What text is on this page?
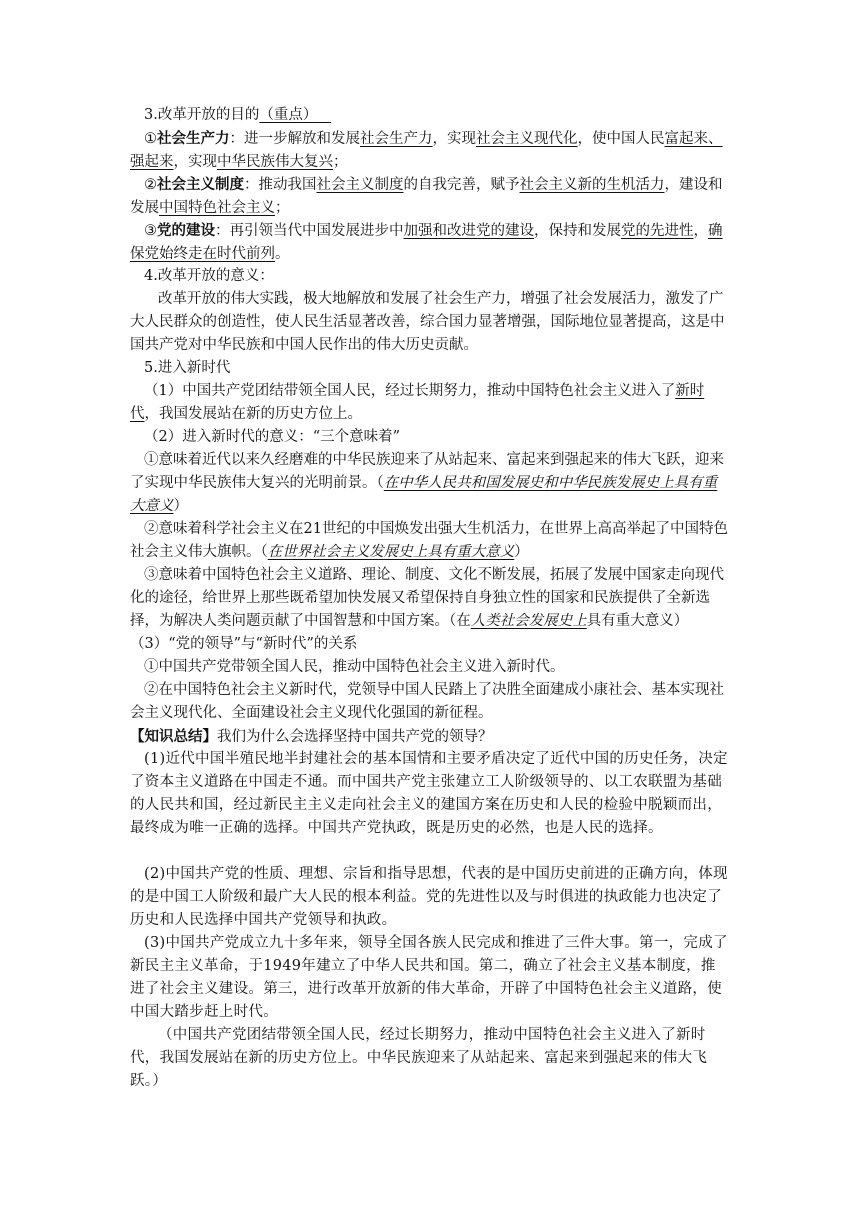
3.改革开放的目的（重点）

①社会生产力：进一步解放和发展社会生产力，实现社会主义现代化，使中国人民富起来、强起来，实现中华民族伟大复兴；

②社会主义制度：推动我国社会主义制度的自我完善，赋予社会主义新的生机活力，建设和发展中国特色社会主义；

③党的建设：再引领当代中国发展进步中加强和改进党的建设，保持和发展党的先进性，确保党始终走在时代前列。

4.改革开放的意义：

改革开放的伟大实践，极大地解放和发展了社会生产力，增强了社会发展活力，激发了广大人民群众的创造性，使人民生活显著改善，综合国力显著增强，国际地位显著提高，这是中国共产党对中华民族和中国人民作出的伟大历史贡献。

5.进入新时代

（1）中国共产党团结带领全国人民，经过长期努力，推动中国特色社会主义进入了新时代，我国发展站在新的历史方位上。

（2）进入新时代的意义：“三个意味着”

①意味着近代以来久经磨难的中华民族迎来了从站起来、富起来到强起来的伟大飞跃，迎来了实现中华民族伟大复兴的光明前景。（在中华人民共和国发展史和中华民族发展史上具有重大意义）

②意味着科学社会主义在21世纪的中国焕发出强大生机活力，在世界上高高举起了中国特色社会主义伟大旗帜。（在世界社会主义发展史上具有重大意义）

③意味着中国特色社会主义道路、理论、制度、文化不断发展，拓展了发展中国家走向现代化的途径，给世界上那些既希望加快发展又希望保持自身独立性的国家和民族提供了全新选择，为解决人类问题贡献了中国智慧和中国方案。（在人类社会发展史上具有重大意义）

（3）“党的领导”与“新时代”的关系

①中国共产党带领全国人民，推动中国特色社会主义进入新时代。

②在中国特色社会主义新时代，党领导中国人民踏上了决胜全面建成小康社会、基本实现社会主义现代化、全面建设社会主义现代化强国的新征程。

【知识总结】我们为什么会选择坚持中国共产党的领导？

(1)近代中国半殖民地半封建社会的基本国情和主要矛盾决定了近代中国的历史任务，决定了资本主义道路在中国走不通。而中国共产党主张建立工人阶级领导的、以工农联盟为基础的人民共和国，经过新民主主义走向社会主义的建国方案在历史和人民的检验中脱颖而出，最终成为唯一正确的选择。中国共产党执政，既是历史的必然，也是人民的选择。

(2)中国共产党的性质、理想、宗旨和指导思想，代表的是中国历史前进的正确方向，体现的是中国工人阶级和最广大人民的根本利益。党的先进性以及与时俱进的执政能力也决定了历史和人民选择中国共产党领导和执政。

(3)中国共产党成立九十多年来，领导全国各族人民完成和推进了三件大事。第一，完成了新民主主义革命，于1949年建立了中华人民共和国。第二，确立了社会主义基本制度，推进了社会主义建设。第三，进行改革开放新的伟大革命，开辟了中国特色社会主义道路，使中国大踏步赶上时代。

（中国共产党团结带领全国人民，经过长期努力，推动中国特色社会主义进入了新时代，我国发展站在新的历史方位上。中华民族迎来了从站起来、富起来到强起来的伟大飞跃。）
